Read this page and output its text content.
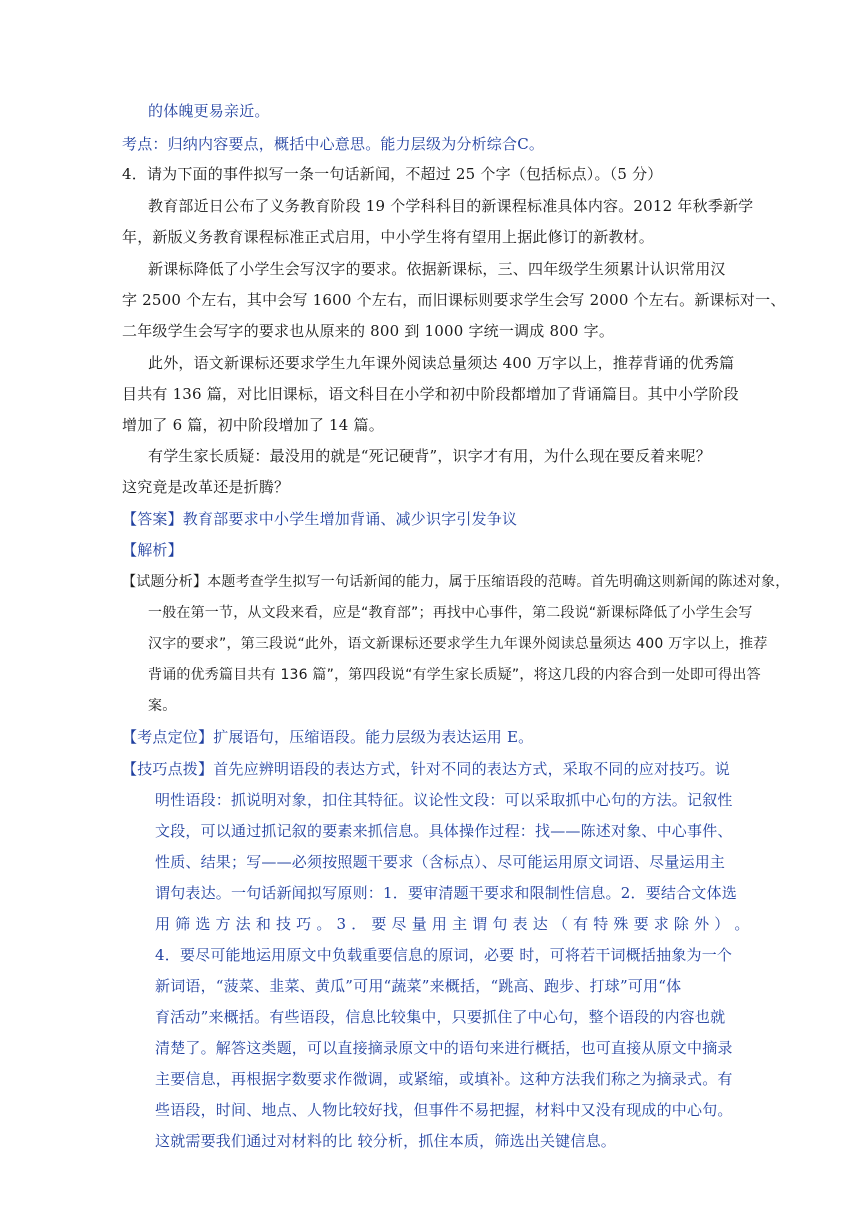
的体魄更易亲近。
考点：归纳内容要点，概括中心意思。能力层级为分析综合C。
4．请为下面的事件拟写一条一句话新闻，不超过 25 个字（包括标点）。（5 分）
教育部近日公布了义务教育阶段 19 个学科科目的新课程标准具体内容。2012 年秋季新学
年，新版义务教育课程标准正式启用，中小学生将有望用上据此修订的新教材。
新课标降低了小学生会写汉字的要求。依据新课标，三、四年级学生须累计认识常用汉
字 2500 个左右，其中会写 1600 个左右，而旧课标则要求学生会写 2000 个左右。新课标对一、
二年级学生会写字的要求也从原来的 800 到 1000 字统一调成 800 字。
此外，语文新课标还要求学生九年课外阅读总量须达 400 万字以上，推荐背诵的优秀篇
目共有 136 篇，对比旧课标，语文科目在小学和初中阶段都增加了背诵篇目。其中小学阶段
增加了 6 篇，初中阶段增加了 14 篇。
有学生家长质疑：最没用的就是“死记硬背”，识字才有用，为什么现在要反着来呢？
这究竟是改革还是折腾？
【答案】教育部要求中小学生增加背诵、减少识字引发争议
【解析】
【试题分析】本题考查学生拟写一句话新闻的能力，属于压缩语段的范畴。首先明确这则新闻的陈述对象，
一般在第一节，从文段来看，应是“教育部”；再找中心事件，第二段说“新课标降低了小学生会写
汉字的要求”，第三段说“此外，语文新课标还要求学生九年课外阅读总量须达 400 万字以上，推荐
背诵的优秀篇目共有 136 篇”，第四段说“有学生家长质疑”，将这几段的内容合到一处即可得出答
案。
【考点定位】扩展语句，压缩语段。能力层级为表达运用 E。
【技巧点拨】首先应辨明语段的表达方式，针对不同的表达方式，采取不同的应对技巧。说
明性语段：抓说明对象，扣住其特征。议论性文段：可以采取抓中心句的方法。记叙性
文段，可以通过抓记叙的要素来抓信息。具体操作过程：找——陈述对象、中心事件、
性质、结果；写——必须按照题干要求（含标点）、尽可能运用原文词语、尽量运用主
谓句表达。一句话新闻拟写原则：1．要审清题干要求和限制性信息。2．要结合文体选
用 筛 选 方 法 和 技 巧 。 3 ． 要 尽 量 用 主 谓 句 表 达 （ 有 特 殊 要 求 除 外 ） 。
4．要尽可能地运用原文中负载重要信息的原词，必要 时，可将若干词概括抽象为一个
新词语，“菠菜、韭菜、黄瓜”可用“蔬菜”来概括，“跳高、跑步、打球”可用“体
育活动”来概括。有些语段，信息比较集中，只要抓住了中心句，整个语段的内容也就
清楚了。解答这类题，可以直接摘录原文中的语句来进行概括，也可直接从原文中摘录
主要信息，再根据字数要求作微调，或紧缩，或填补。这种方法我们称之为摘录式。有
些语段，时间、地点、人物比较好找，但事件不易把握，材料中又没有现成的中心句。
这就需要我们通过对材料的比 较分析，抓住本质，筛选出关键信息。
